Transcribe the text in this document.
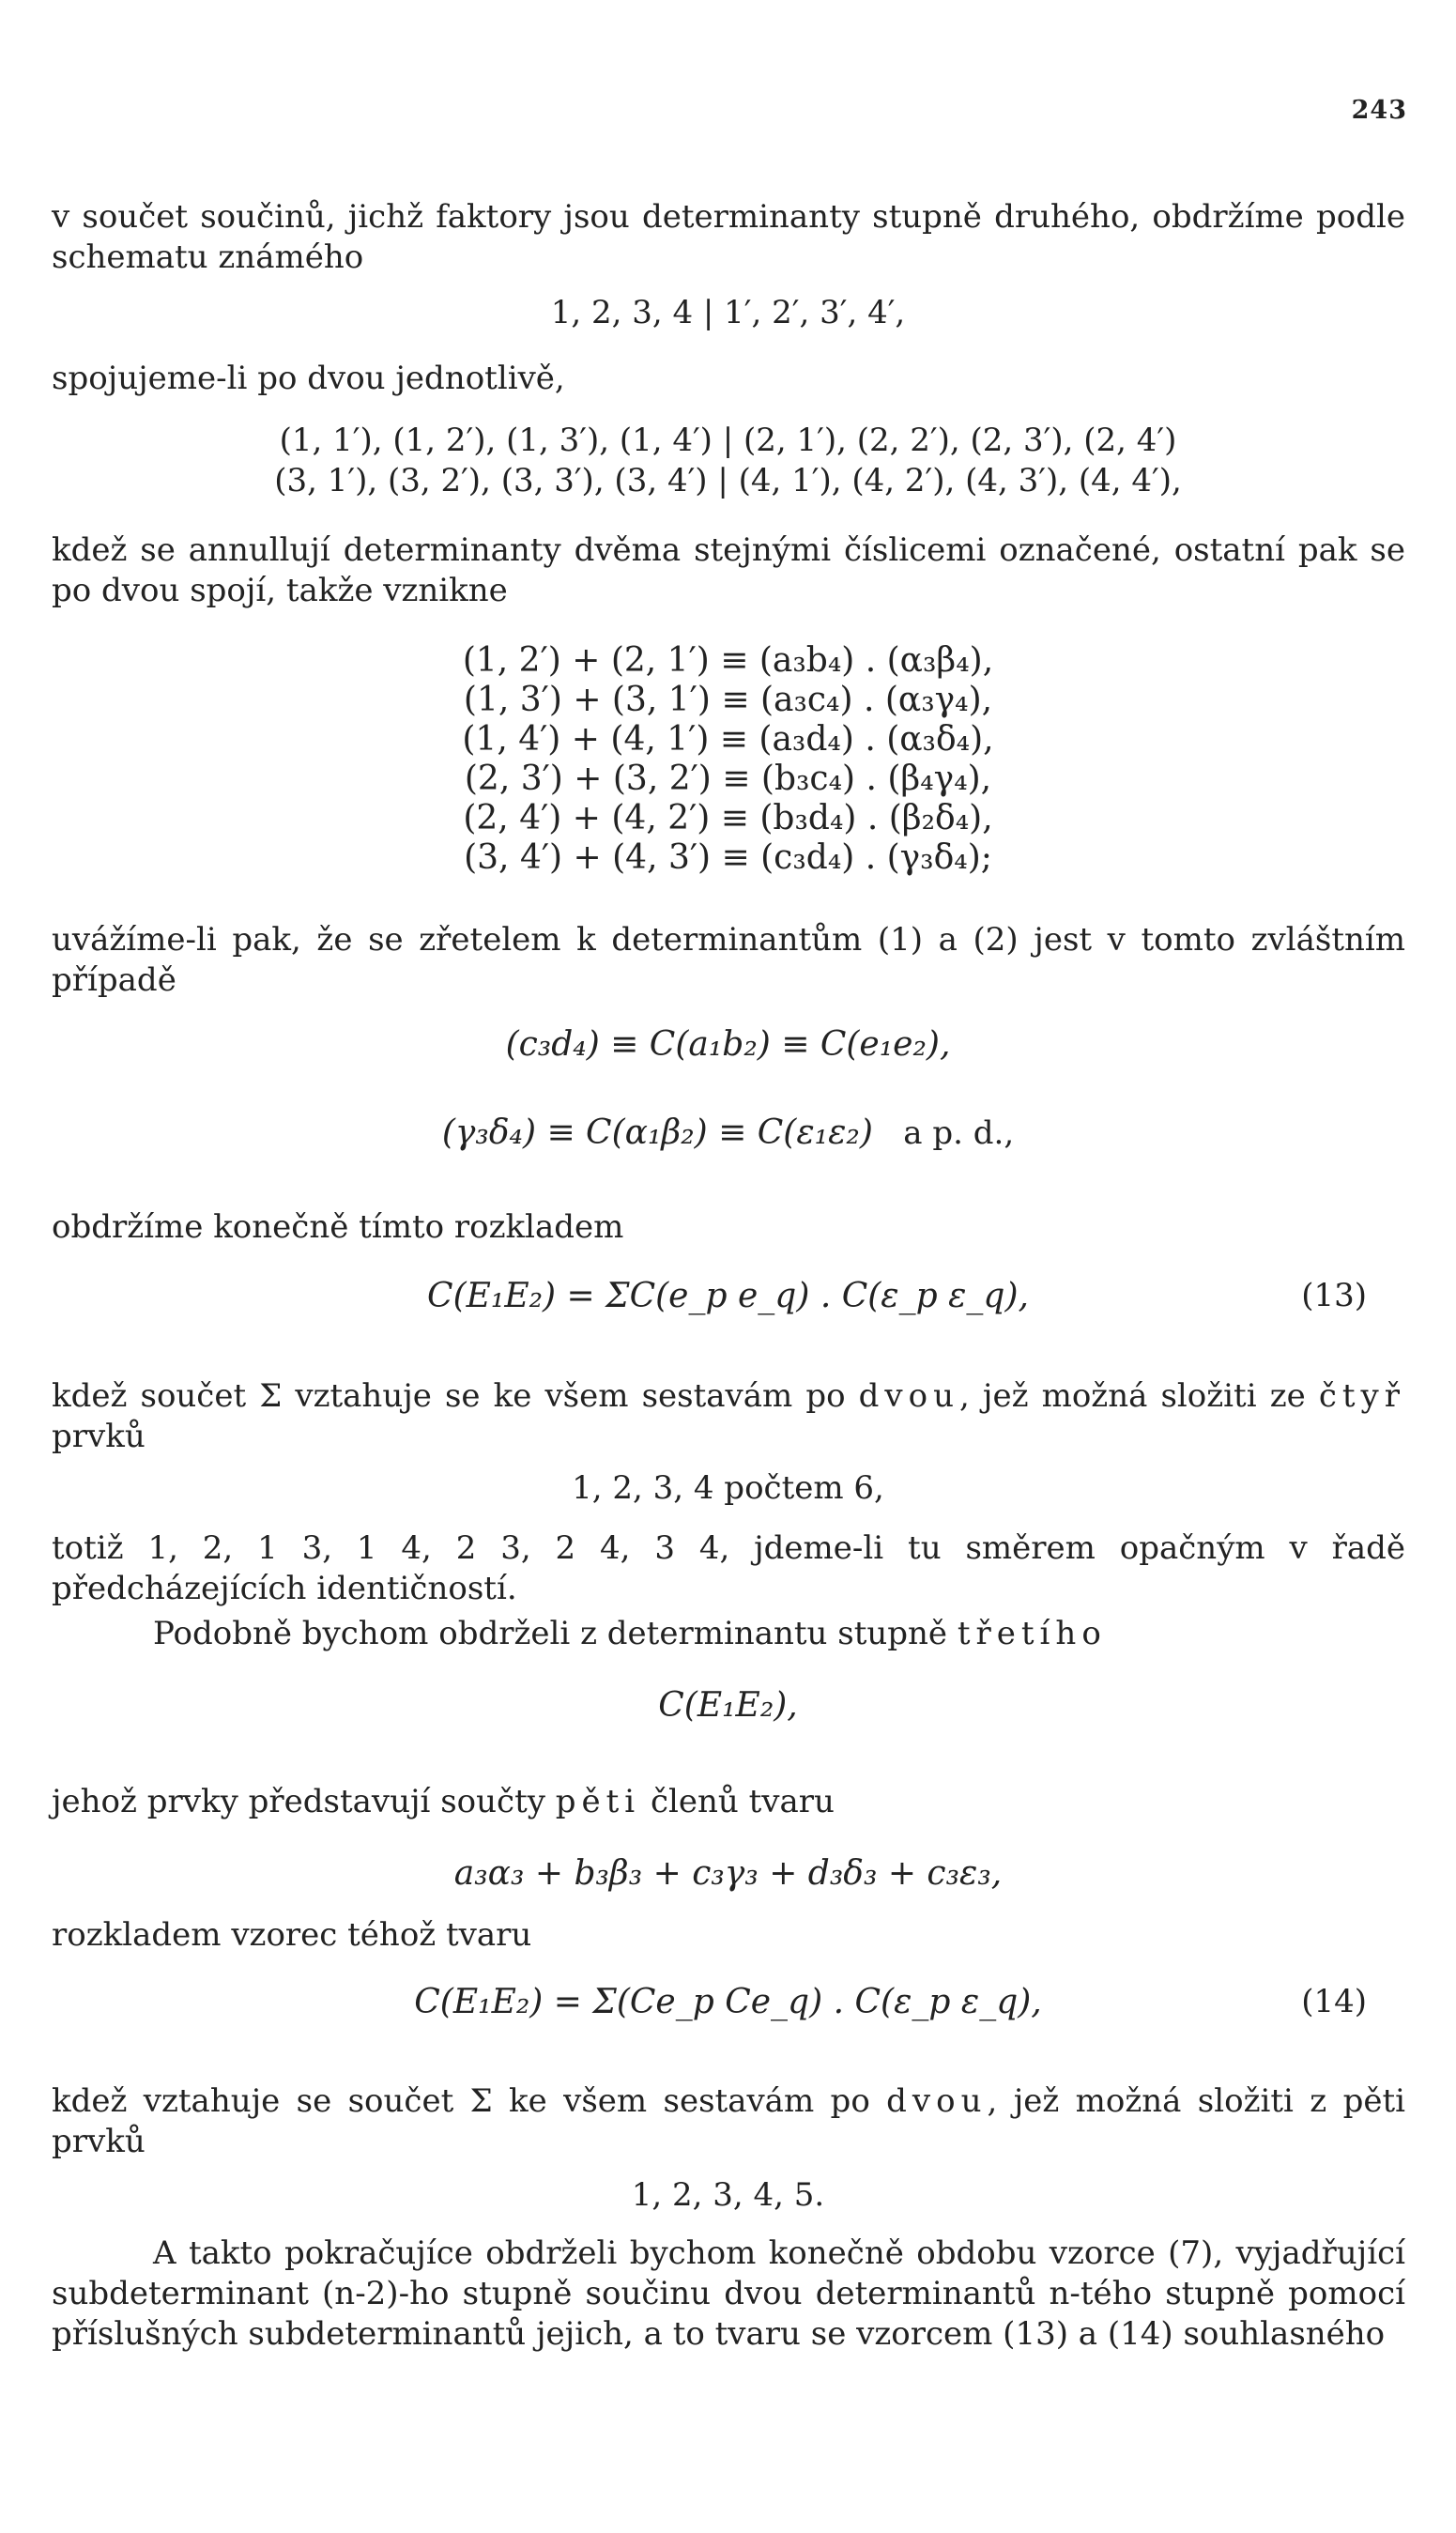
243
v součet součinů, jichž faktory jsou determinanty stupně druhého, obdržíme podle schematu známého
1, 2, 3, 4 | 1′, 2′, 3′, 4′,
spojujeme-li po dvou jednotlivě,
(1, 1′), (1, 2′), (1, 3′), (1, 4′) | (2, 1′), (2, 2′), (2, 3′), (2, 4′)
(3, 1′), (3, 2′), (3, 3′), (3, 4′) | (4, 1′), (4, 2′), (4, 3′), (4, 4′),
kdež se annullují determinanty dvěma stejnými číslicemi označené, ostatní pak se po dvou spojí, takže vznikne
(1, 2′) + (2, 1′) ≡ (a₃b₄) . (α₃β₄),
(1, 3′) + (3, 1′) ≡ (a₃c₄) . (α₃γ₄),
(1, 4′) + (4, 1′) ≡ (a₃d₄) . (α₃δ₄),
(2, 3′) + (3, 2′) ≡ (b₃c₄) . (β₄γ₄),
(2, 4′) + (4, 2′) ≡ (b₃d₄) . (β₂δ₄),
(3, 4′) + (4, 3′) ≡ (c₃d₄) . (γ₃δ₄);
uvážíme-li pak, že se zřetelem k determinantům (1) a (2) jest v tomto zvláštním případě
(c₃d₄) ≡ C(a₁b₂) ≡ C(e₁e₂),
(γ₃δ₄) ≡ C(α₁β₂) ≡ C(ε₁ε₂) a p. d.,
obdržíme konečně tímto rozkladem
C(E₁E₂) = ΣC(e_p e_q) . C(ε_p ε_q),	(13)
kdež součet Σ vztahuje se ke všem sestavám po dvou, jež možná složiti ze čtyř prvků
1, 2, 3, 4 počtem 6,
totiž 1, 2, 1 3, 1 4, 2 3, 2 4, 3 4, jdeme-li tu směrem opačným v řadě předcházejících identičností.
Podobně bychom obdrželi z determinantu stupně třetího
C(E₁E₂),
jehož prvky představují součty pěti členů tvaru
a₃α₃ + b₃β₃ + c₃γ₃ + d₃δ₃ + c₃ε₃,
rozkladem vzorec téhož tvaru
C(E₁E₂) = Σ(Ce_p Ce_q) . C(ε_p ε_q),	(14)
kdež vztahuje se součet Σ ke všem sestavám po dvou, jež možná složiti z pěti prvků
1, 2, 3, 4, 5.
A takto pokračujíce obdrželi bychom konečně obdobu vzorce (7), vyjadřující subdeterminant (n-2)-ho stupně součinu dvou determinantů n-tého stupně pomocí příslušných subdeterminantů jejich, a to tvaru se vzorcem (13) a (14) souhlasného
